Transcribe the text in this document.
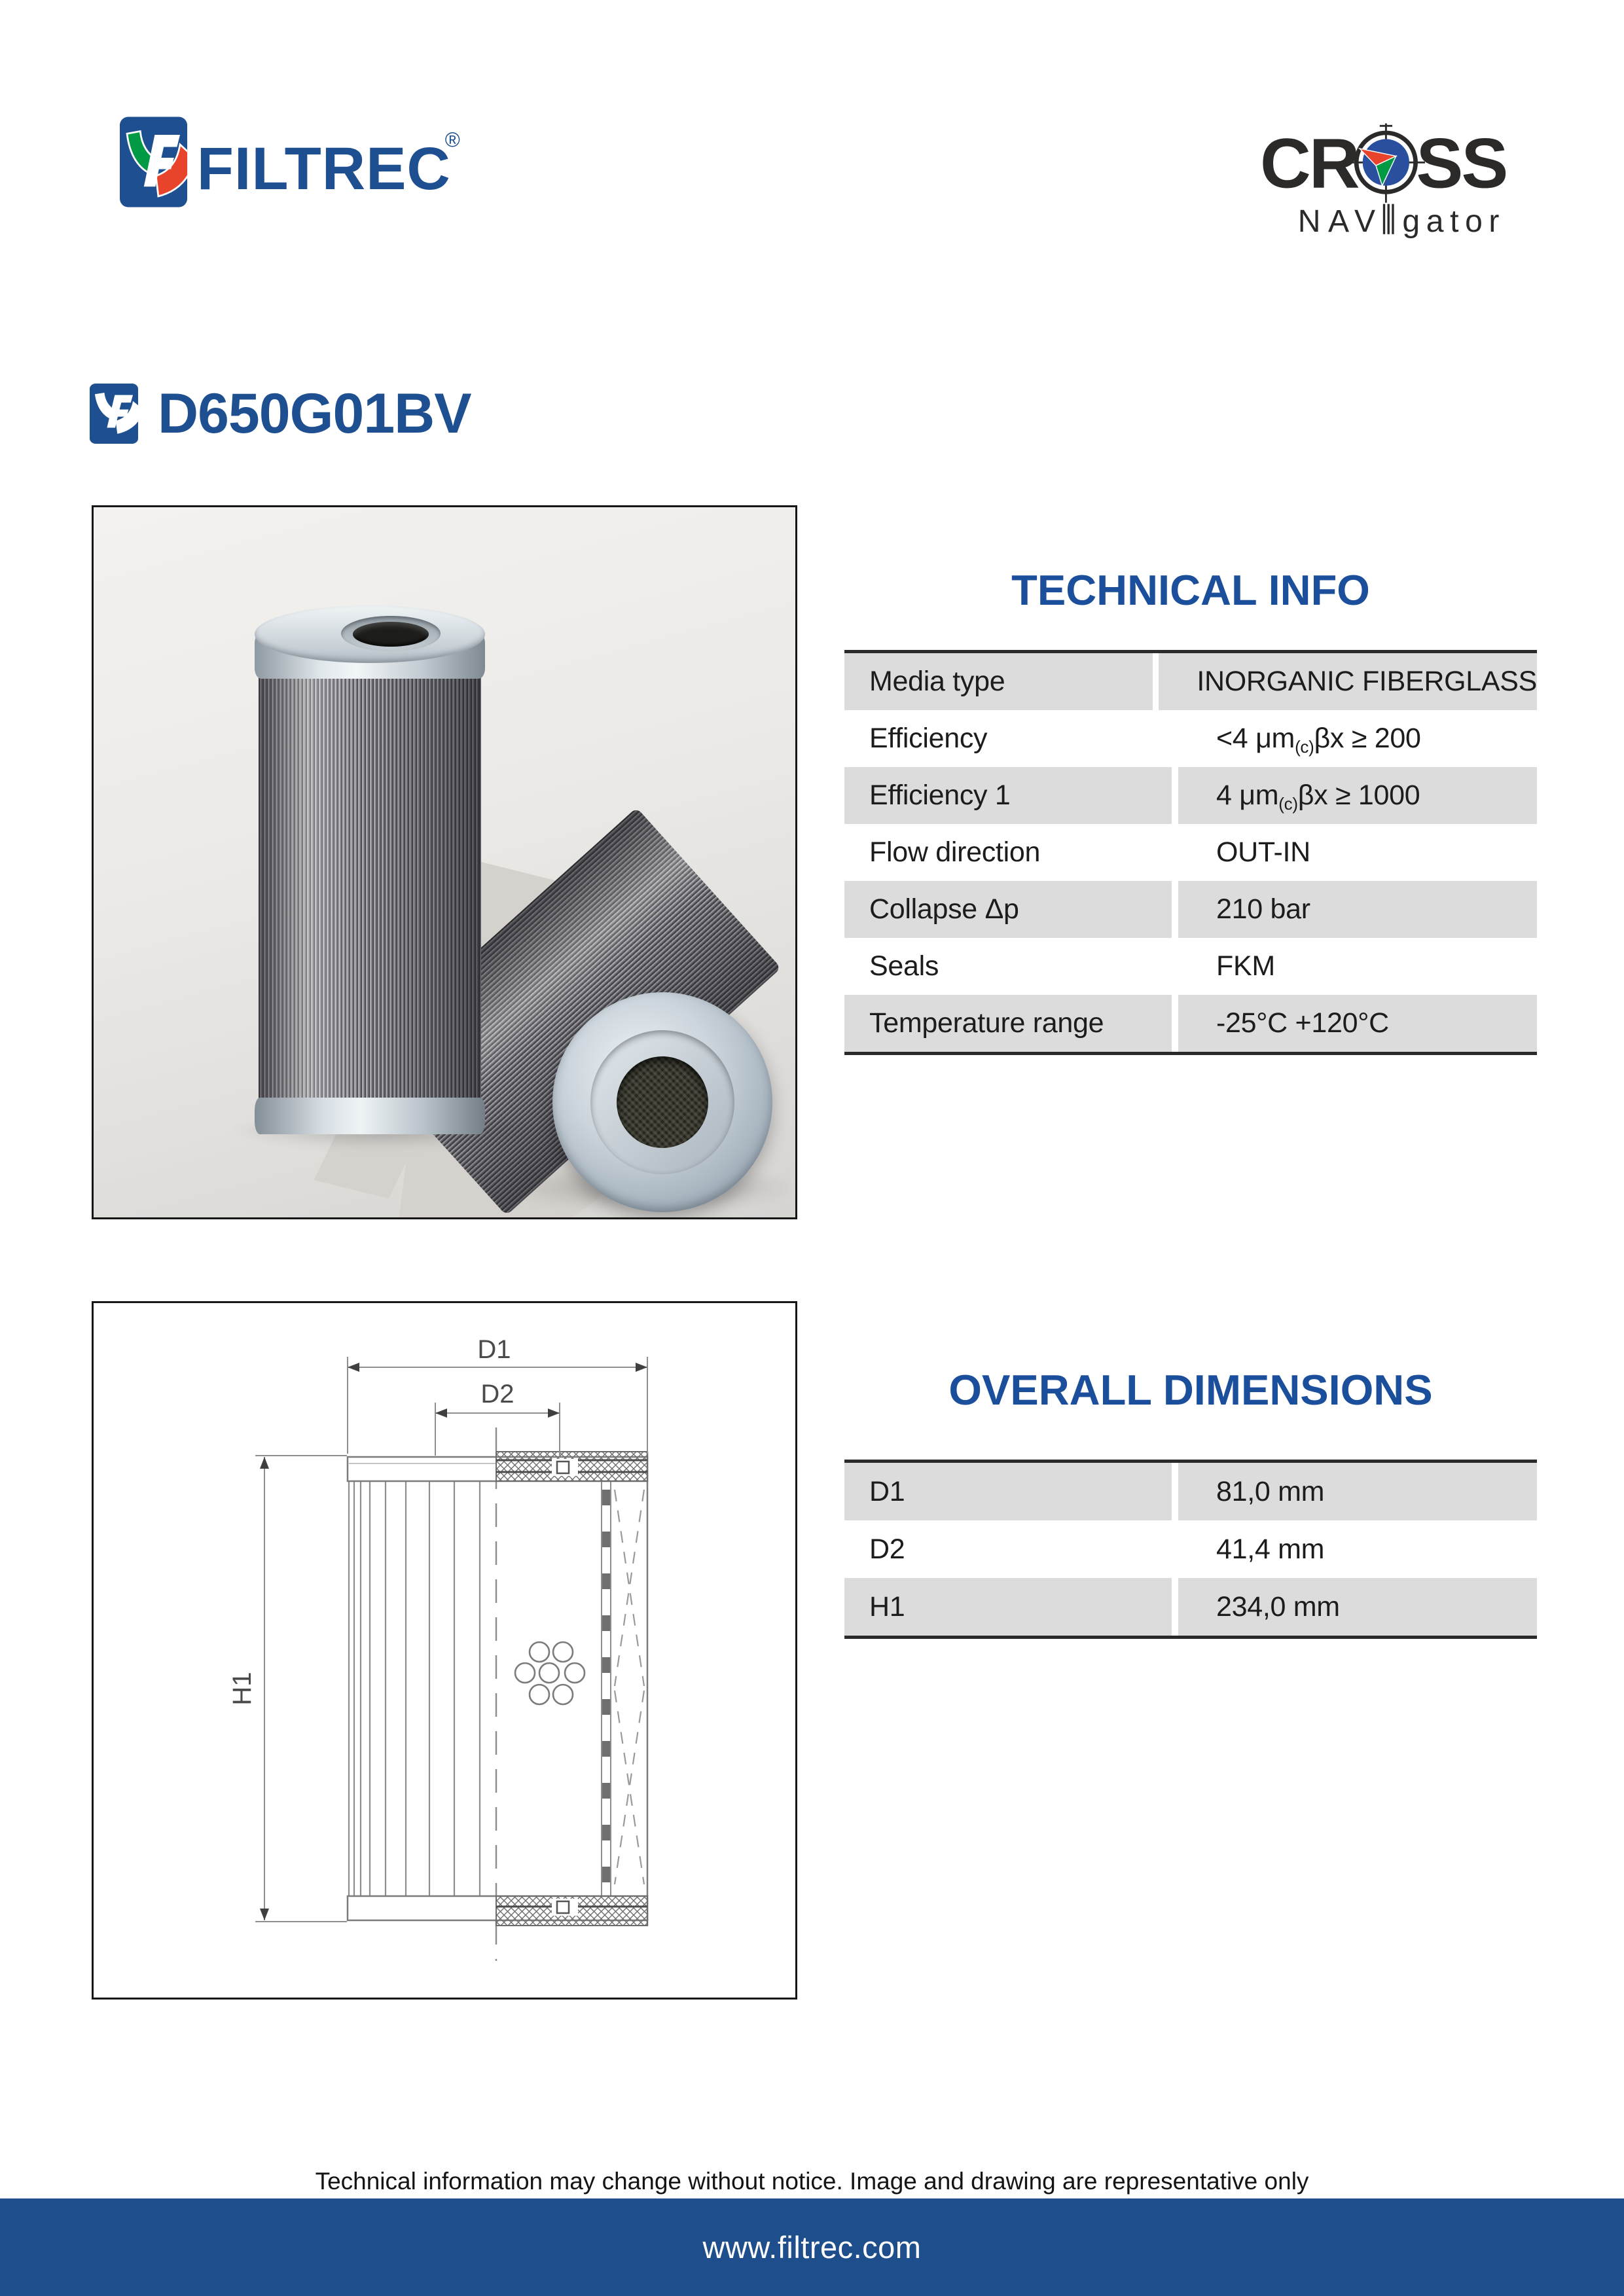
FILTREC
®	CR SS
NAV gator
D650G01BV
TECHNICAL INFO
Media type	INORGANIC FIBERGLASS
Efficiency	<4 μm (c) βx ≥ 200
Efficiency 1	4 μm (c) βx ≥ 1000
Flow direction	OUT-IN
Collapse Δp	210 bar
Seals	FKM
Temperature range	-25°C +120°C
D1
D2
H1
OVERALL DIMENSIONS
D1	81,0 mm
D2	41,4 mm
H1	234,0 mm
Technical information may change without notice. Image and drawing are representative only
www.filtrec.com
